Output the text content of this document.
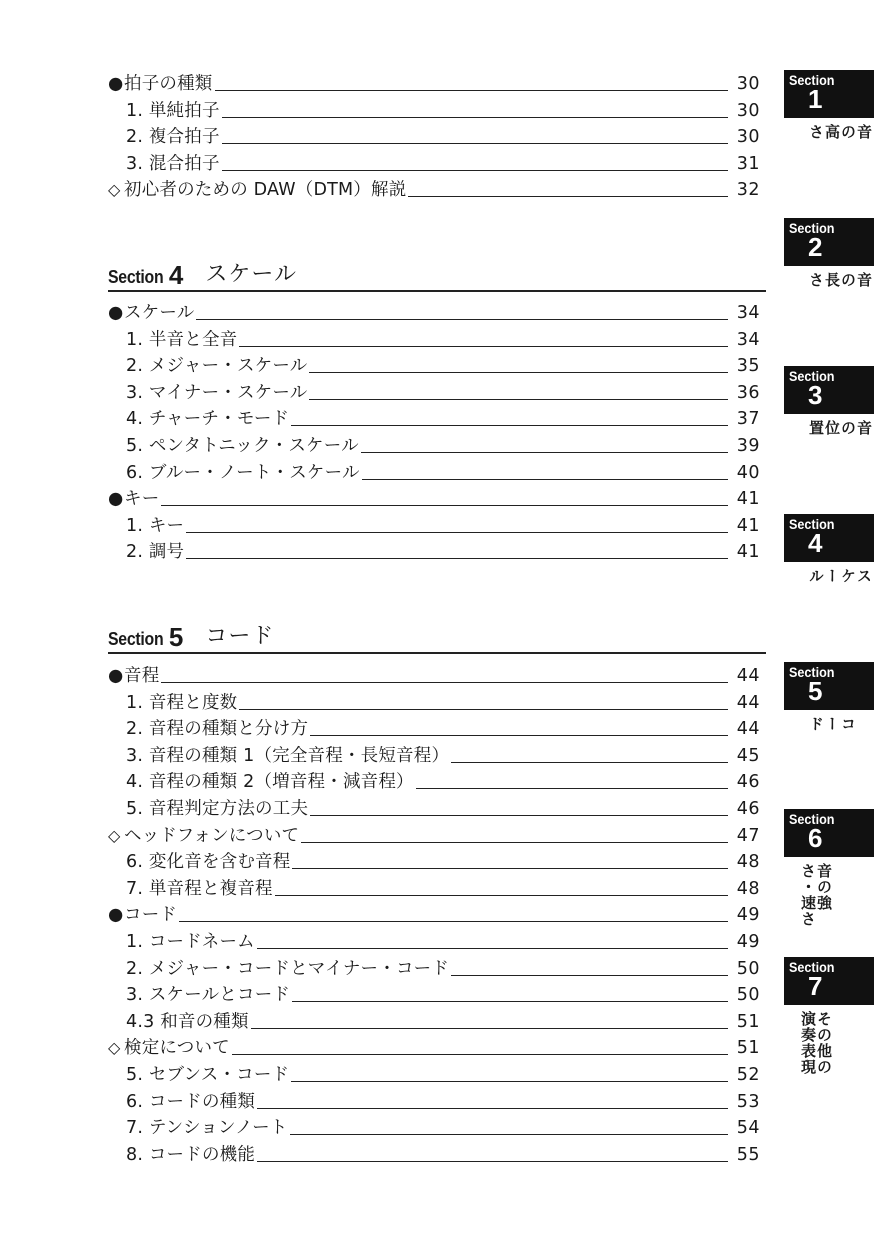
● 拍子の種類	30
1. 単純拍子	30
2. 複合拍子	30
3. 混合拍子	31
◇ 初心者のための DAW（DTM）解説	32
Section 4 スケール
● スケール	34
1. 半音と全音	34
2. メジャー・スケール	35
3. マイナー・スケール	36
4. チャーチ・モード	37
5. ペンタトニック・スケール	39
6. ブルー・ノート・スケール	40
● キー	41
1. キー	41
2. 調号	41
Section 5 コード
● 音程	44
1. 音程と度数	44
2. 音程の種類と分け方	44
3. 音程の種類 1（完全音程・長短音程）	45
4. 音程の種類 2（増音程・減音程）	46
5. 音程判定方法の工夫	46
◇ ヘッドフォンについて	47
6. 変化音を含む音程	48
7. 単音程と複音程	48
● コード	49
1. コードネーム	49
2. メジャー・コードとマイナー・コード	50
3. スケールとコード	50
4.3 和音の種類	51
◇ 検定について	51
5. セブンス・コード	52
6. コードの種類	53
7. テンションノート	54
8. コードの機能	55
Section
1
音の高さ
Section
2
音の長さ
Section
3
音の位置
Section
4
スケール
Section
5
コード
Section
6
音の強さ・速さ
Section
7
その他の演奏表現
